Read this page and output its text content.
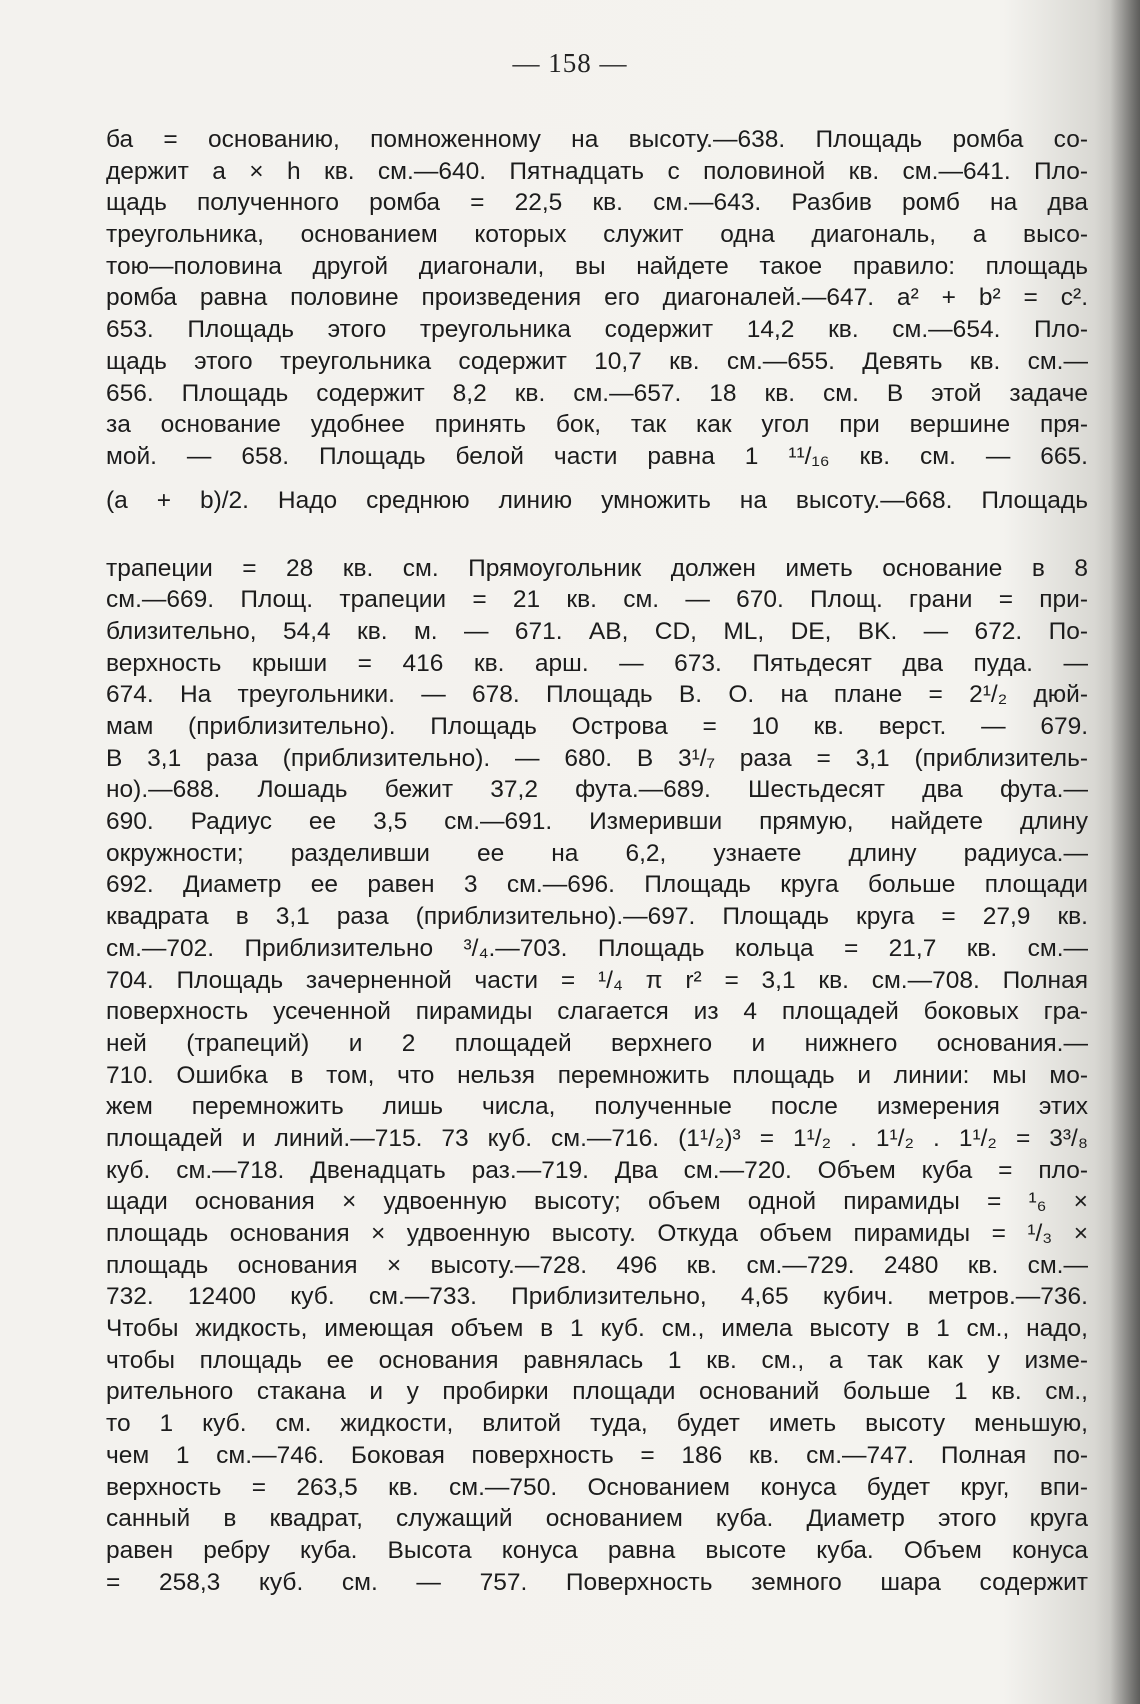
— 158 —
ба = основанию, помноженному на высоту.—638. Площадь ромба со-
держит a × h кв. см.—640. Пятнадцать с половиной кв. см.—641. Пло-
щадь полученного ромба = 22,5 кв. см.—643. Разбив ромб на два
треугольника, основанием которых служит одна диагональ, а высо-
тою—половина другой диагонали, вы найдете такое правило: площадь
ромба равна половине произведения его диагоналей.—647. a² + b² = c².
653. Площадь этого треугольника содержит 14,2 кв. см.—654. Пло-
щадь этого треугольника содержит 10,7 кв. см.—655. Девять кв. см.—
656. Площадь содержит 8,2 кв. см.—657. 18 кв. см. В этой задаче
за основание удобнее принять бок, так как угол при вершине пря-
мой. — 658. Площадь белой части равна 1 ¹¹/₁₆ кв. см. — 665.
(a + b)/2. Надо среднюю линию умножить на высоту.—668. Площадь
трапеции = 28 кв. см. Прямоугольник должен иметь основание в 8
см.—669. Площ. трапеции = 21 кв. см. — 670. Площ. грани = при-
близительно, 54,4 кв. м. — 671. AB, CD, ML, DE, BK. — 672. По-
верхность крыши = 416 кв. арш. — 673. Пятьдесят два пуда. —
674. На треугольники. — 678. Площадь В. О. на плане = 2¹/₂ дюй-
мам (приблизительно). Площадь Острова = 10 кв. верст. — 679.
В 3,1 раза (приблизительно). — 680. В 3¹/₇ раза = 3,1 (приблизитель-
но).—688. Лошадь бежит 37,2 фута.—689. Шестьдесят два фута.—
690. Радиус ее 3,5 см.—691. Измеривши прямую, найдете длину
окружности; разделивши ее на 6,2, узнаете длину радиуса.—
692. Диаметр ее равен 3 см.—696. Площадь круга больше площади
квадрата в 3,1 раза (приблизительно).—697. Площадь круга = 27,9 кв.
см.—702. Приблизительно ³/₄.—703. Площадь кольца = 21,7 кв. см.—
704. Площадь зачерненной части = ¹/₄ π r² = 3,1 кв. см.—708. Полная
поверхность усеченной пирамиды слагается из 4 площадей боковых гра-
ней (трапеций) и 2 площадей верхнего и нижнего основания.—
710. Ошибка в том, что нельзя перемножить площадь и линии: мы мо-
жем перемножить лишь числа, полученные после измерения этих
площадей и линий.—715. 73 куб. см.—716. (1¹/₂)³ = 1¹/₂ . 1¹/₂ . 1¹/₂ = 3³/₈
куб. см.—718. Двенадцать раз.—719. Два см.—720. Объем куба = пло-
щади основания × удвоенную высоту; объем одной пирамиды = ¹₆ ×
площадь основания × удвоенную высоту. Откуда объем пирамиды = ¹/₃ ×
площадь основания × высоту.—728. 496 кв. см.—729. 2480 кв. см.—
732. 12400 куб. см.—733. Приблизительно, 4,65 кубич. метров.—736.
Чтобы жидкость, имеющая объем в 1 куб. см., имела высоту в 1 см., надо,
чтобы площадь ее основания равнялась 1 кв. см., а так как у изме-
рительного стакана и у пробирки площади оснований больше 1 кв. см.,
то 1 куб. см. жидкости, влитой туда, будет иметь высоту меньшую,
чем 1 см.—746. Боковая поверхность = 186 кв. см.—747. Полная по-
верхность = 263,5 кв. см.—750. Основанием конуса будет круг, впи-
санный в квадрат, служащий основанием куба. Диаметр этого круга
равен ребру куба. Высота конуса равна высоте куба. Объем конуса
= 258,3 куб. см. — 757. Поверхность земного шара содержит
